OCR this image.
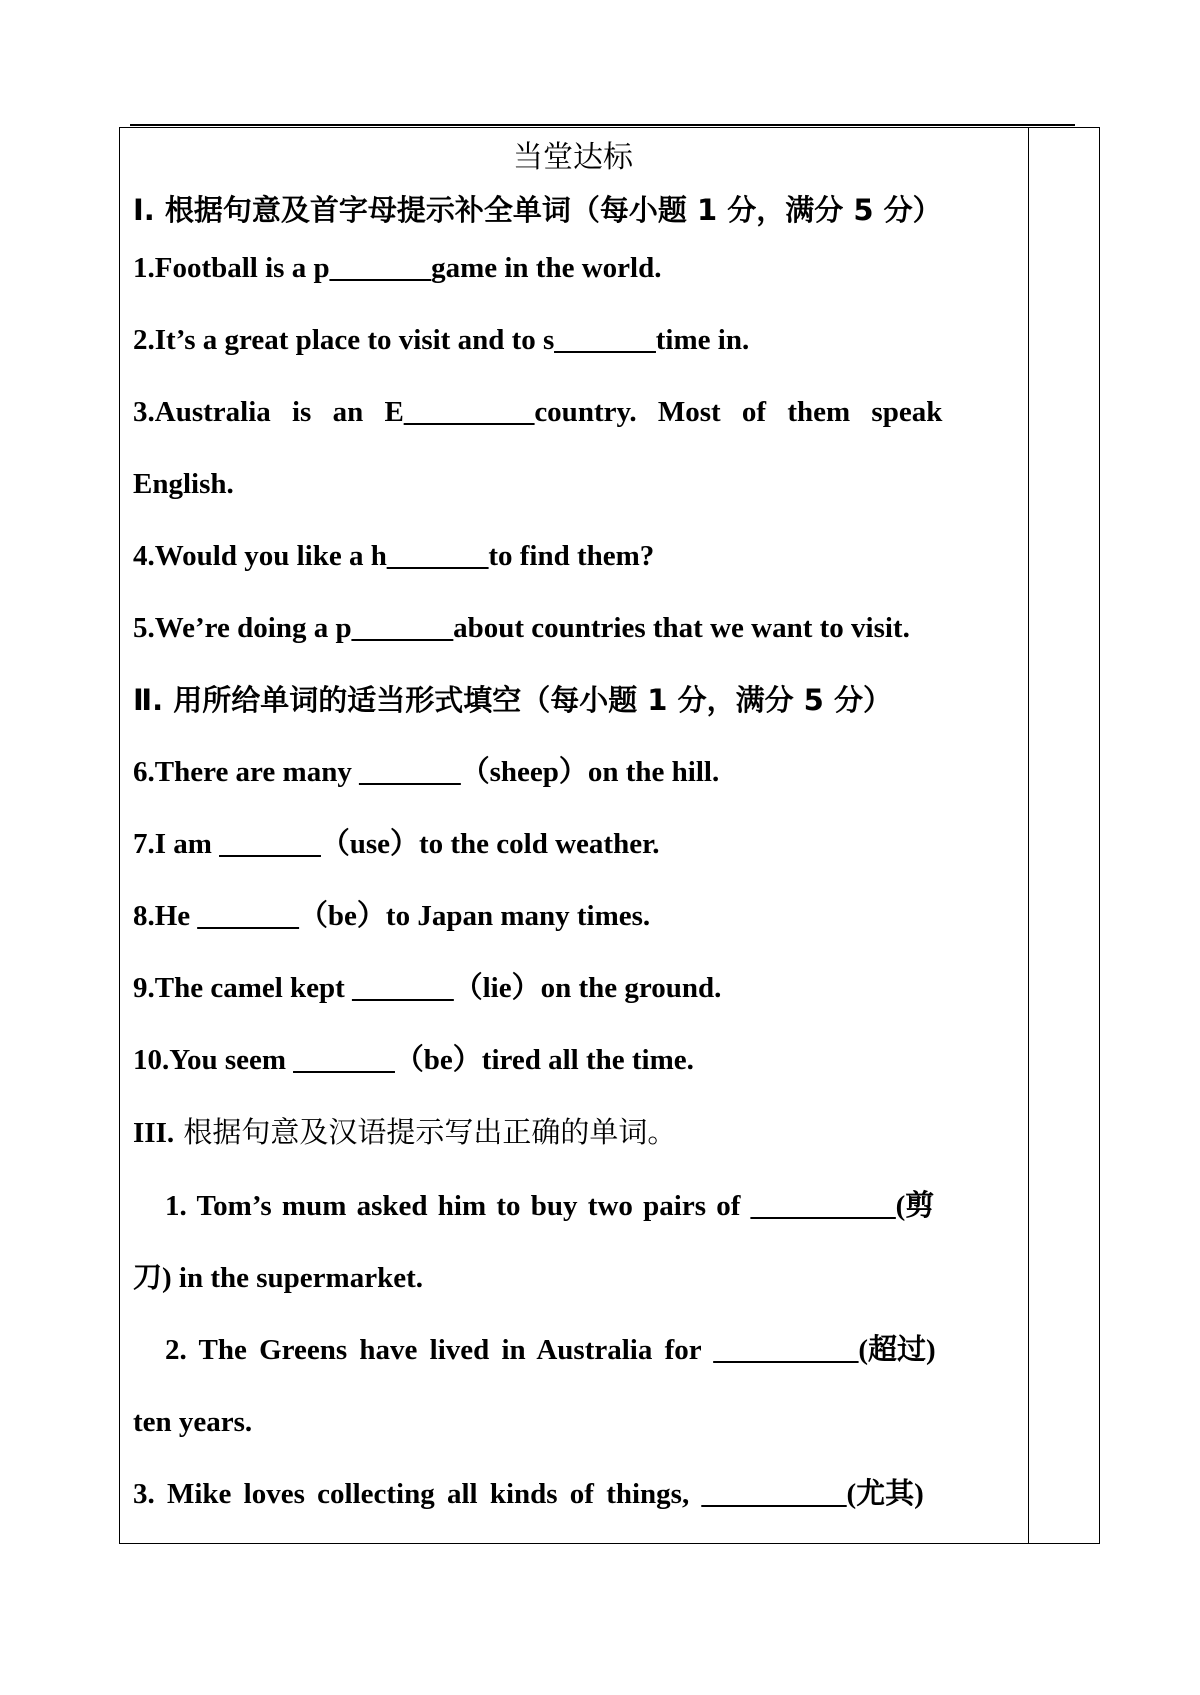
当堂达标
Ⅰ. 根据句意及首字母提示补全单词（每小题 1 分，满分 5 分）
1.Football is a p_______game in the world.
2.It’s a great place to visit and to s_______time in.
3.Australia is an E_________country. Most of them speak
English.
4.Would you like a h_______to find them?
5.We’re doing a p_______about countries that we want to visit.
Ⅱ. 用所给单词的适当形式填空（每小题 1 分，满分 5 分）
6.There are many _______（sheep）on the hill.
7.I am _______（use）to the cold weather.
8.He _______（be）to Japan many times.
9.The camel kept _______（lie）on the ground.
10.You seem _______（be）tired all the time.
III. 根据句意及汉语提示写出正确的单词。
1. Tom’s mum asked him to buy two pairs of __________(剪
刀) in the supermarket.
2. The Greens have lived in Australia for __________(超过)
ten years.
3. Mike loves collecting all kinds of things, __________(尤其)
